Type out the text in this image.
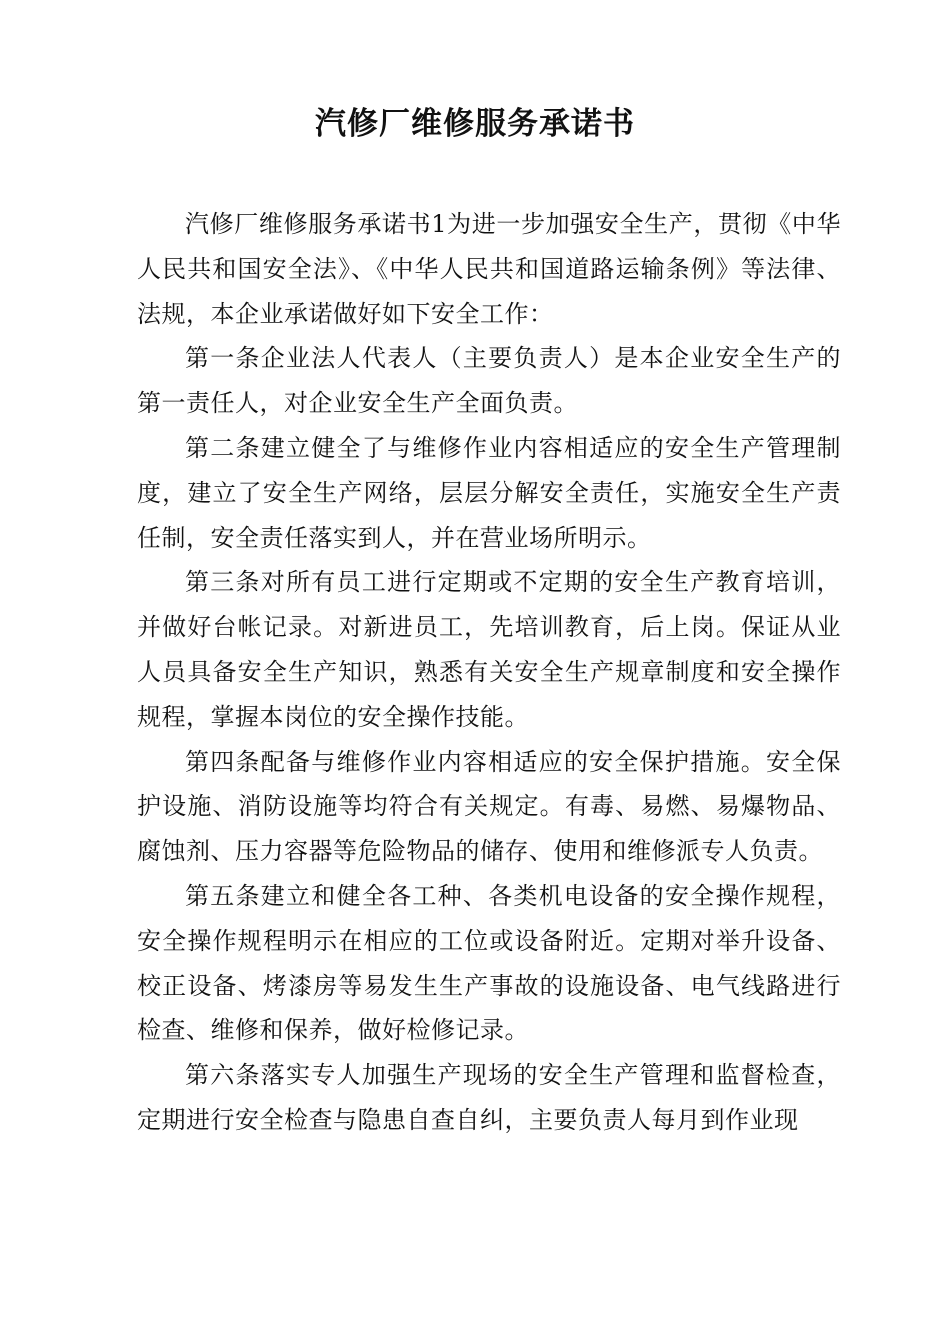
汽修厂维修服务承诺书

汽修厂维修服务承诺书1为进一步加强安全生产，贯彻《中华人民共和国安全法》、《中华人民共和国道路运输条例》等法律、法规，本企业承诺做好如下安全工作：

第一条企业法人代表人（主要负责人）是本企业安全生产的第一责任人，对企业安全生产全面负责。

第二条建立健全了与维修作业内容相适应的安全生产管理制度，建立了安全生产网络，层层分解安全责任，实施安全生产责任制，安全责任落实到人，并在营业场所明示。

第三条对所有员工进行定期或不定期的安全生产教育培训，并做好台帐记录。对新进员工，先培训教育，后上岗。保证从业人员具备安全生产知识，熟悉有关安全生产规章制度和安全操作规程，掌握本岗位的安全操作技能。

第四条配备与维修作业内容相适应的安全保护措施。安全保护设施、消防设施等均符合有关规定。有毒、易燃、易爆物品、腐蚀剂、压力容器等危险物品的储存、使用和维修派专人负责。

第五条建立和健全各工种、各类机电设备的安全操作规程，安全操作规程明示在相应的工位或设备附近。定期对举升设备、校正设备、烤漆房等易发生生产事故的设施设备、电气线路进行检查、维修和保养，做好检修记录。

第六条落实专人加强生产现场的安全生产管理和监督检查，定期进行安全检查与隐患自查自纠，主要负责人每月到作业现
